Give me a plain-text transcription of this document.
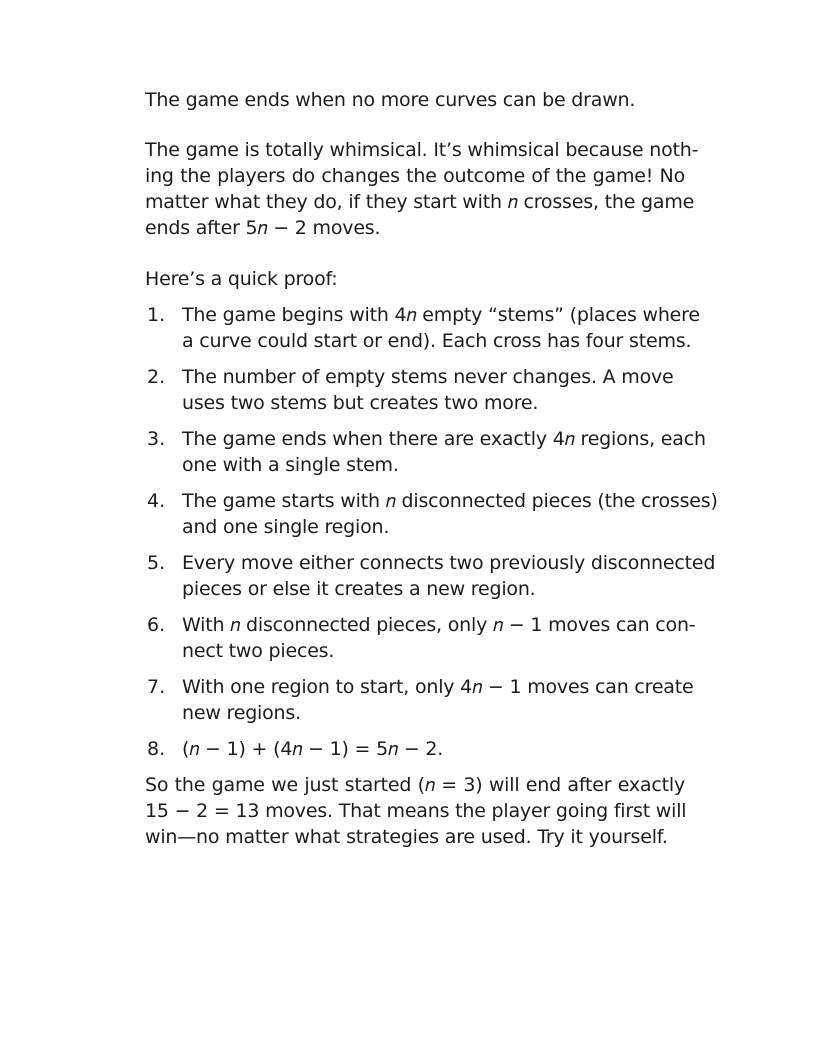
The game ends when no more curves can be drawn.
The game is totally whimsical. It’s whimsical because noth-
ing the players do changes the outcome of the game! No
matter what they do, if they start with 𝑛 crosses, the game
ends after 5𝑛 − 2 moves.
Here’s a quick proof:
1. The game begins with 4𝑛 empty “stems” (places where
a curve could start or end). Each cross has four stems.
2. The number of empty stems never changes. A move
uses two stems but creates two more.
3. The game ends when there are exactly 4𝑛 regions, each
one with a single stem.
4. The game starts with 𝑛 disconnected pieces (the crosses)
and one single region.
5. Every move either connects two previously disconnected
pieces or else it creates a new region.
6. With 𝑛 disconnected pieces, only 𝑛 − 1 moves can con-
nect two pieces.
7. With one region to start, only 4𝑛 − 1 moves can create
new regions.
8. (𝑛 − 1) + (4𝑛 − 1) = 5𝑛 − 2.
So the game we just started (𝑛 = 3) will end after exactly
15 − 2 = 13 moves. That means the player going first will
win—no matter what strategies are used. Try it yourself.
